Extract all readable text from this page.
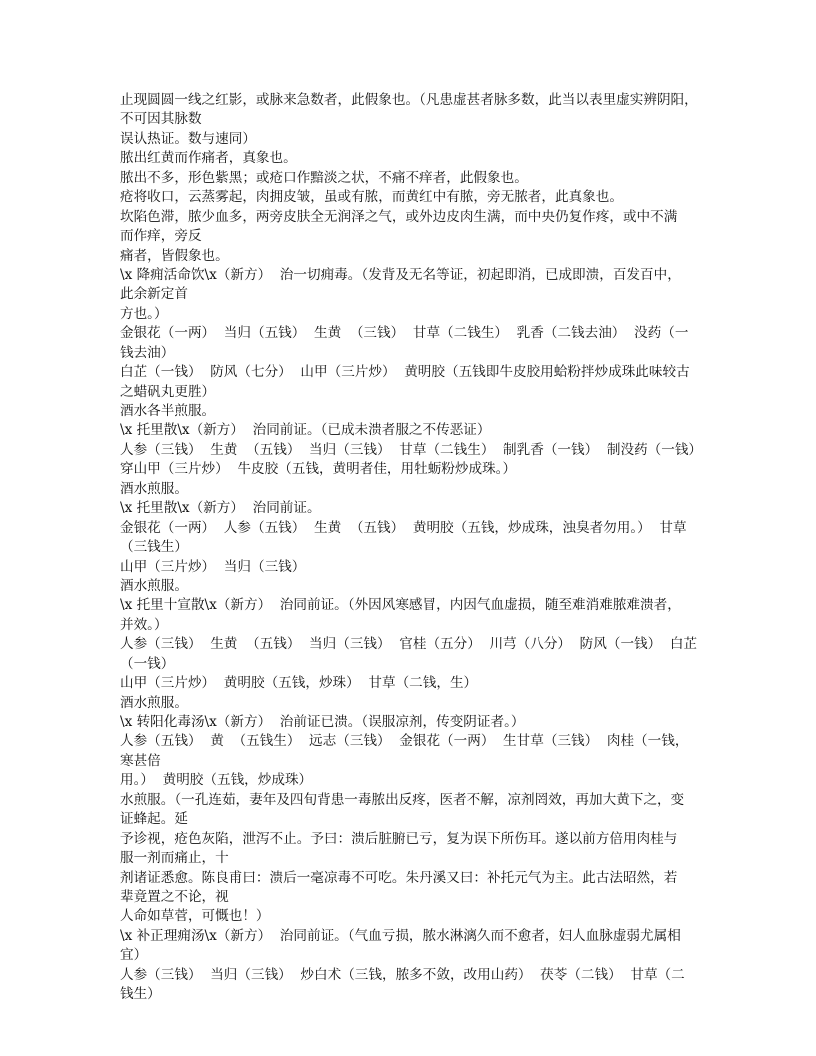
止现圆圆一线之红影，或脉来急数者，此假象也。（凡患虚甚者脉多数，此当以表里虚实辨阴阳，
不可因其脉数
误认热证。数与速同）
脓出红黄而作痛者，真象也。
脓出不多，形色紫黑；或疮口作黯淡之状，不痛不痒者，此假象也。
疮将收口，云蒸雾起，肉拥皮皱，虽或有脓，而黄红中有脓，旁无脓者，此真象也。
坎陷色滞，脓少血多，两旁皮肤全无润泽之气，或外边皮肉生满，而中央仍复作疼，或中不满
而作痒，旁反
痛者，皆假象也。
\x 降痈活命饮\x（新方）  治一切痈毒。（发背及无名等证，初起即消，已成即溃，百发百中，
此余新定首
方也。）
金银花（一两）  当归（五钱）  生黄  （三钱）  甘草（二钱生）  乳香（二钱去油）  没药（一
钱去油）
白芷（一钱）  防风（七分）  山甲（三片炒）  黄明胶（五钱即牛皮胶用蛤粉拌炒成珠此味较古
之蜡矾丸更胜）
酒水各半煎服。
\x 托里散\x（新方）  治同前证。（已成未溃者服之不传恶证）
人参（三钱）  生黄  （五钱）  当归（三钱）  甘草（二钱生）  制乳香（一钱）  制没药（一钱）
穿山甲（三片炒）  牛皮胶（五钱，黄明者佳，用牡蛎粉炒成珠。）
酒水煎服。
\x 托里散\x（新方）  治同前证。
金银花（一两）  人参（五钱）  生黄  （五钱）  黄明胶（五钱，炒成珠，浊臭者勿用。）  甘草
（三钱生）
山甲（三片炒）  当归（三钱）
酒水煎服。
\x 托里十宣散\x（新方）  治同前证。（外因风寒感冒，内因气血虚损，随至难消难脓难溃者，
并效。）
人参（三钱）  生黄  （五钱）  当归（三钱）  官桂（五分）  川芎（八分）  防风（一钱）  白芷
（一钱）
山甲（三片炒）  黄明胶（五钱，炒珠）  甘草（二钱，生）
酒水煎服。
\x 转阳化毒汤\x（新方）  治前证已溃。（误服凉剂，传变阴证者。）
人参（五钱）  黄  （五钱生）  远志（三钱）  金银花（一两）  生甘草（三钱）  肉桂（一钱，
寒甚倍
用。）  黄明胶（五钱，炒成珠）
水煎服。（一孔连茹，妻年及四旬背患一毒脓出反疼，医者不解，凉剂罔效，再加大黄下之，变
证蜂起。延
予诊视，疮色灰陷，泄泻不止。予曰：溃后脏腑已亏，复为误下所伤耳。遂以前方倍用肉桂与
服一剂而痛止，十
剂诸证悉愈。陈良甫曰：溃后一毫凉毒不可吃。朱丹溪又曰：补托元气为主。此古法昭然，若
辈竟置之不论，视
人命如草菅，可慨也！）
\x 补正理痈汤\x（新方）  治同前证。（气血亏损，脓水淋漓久而不愈者，妇人血脉虚弱尤属相
宜）
人参（三钱）  当归（三钱）  炒白术（三钱，脓多不敛，改用山药）  茯苓（二钱）  甘草（二
钱生）
